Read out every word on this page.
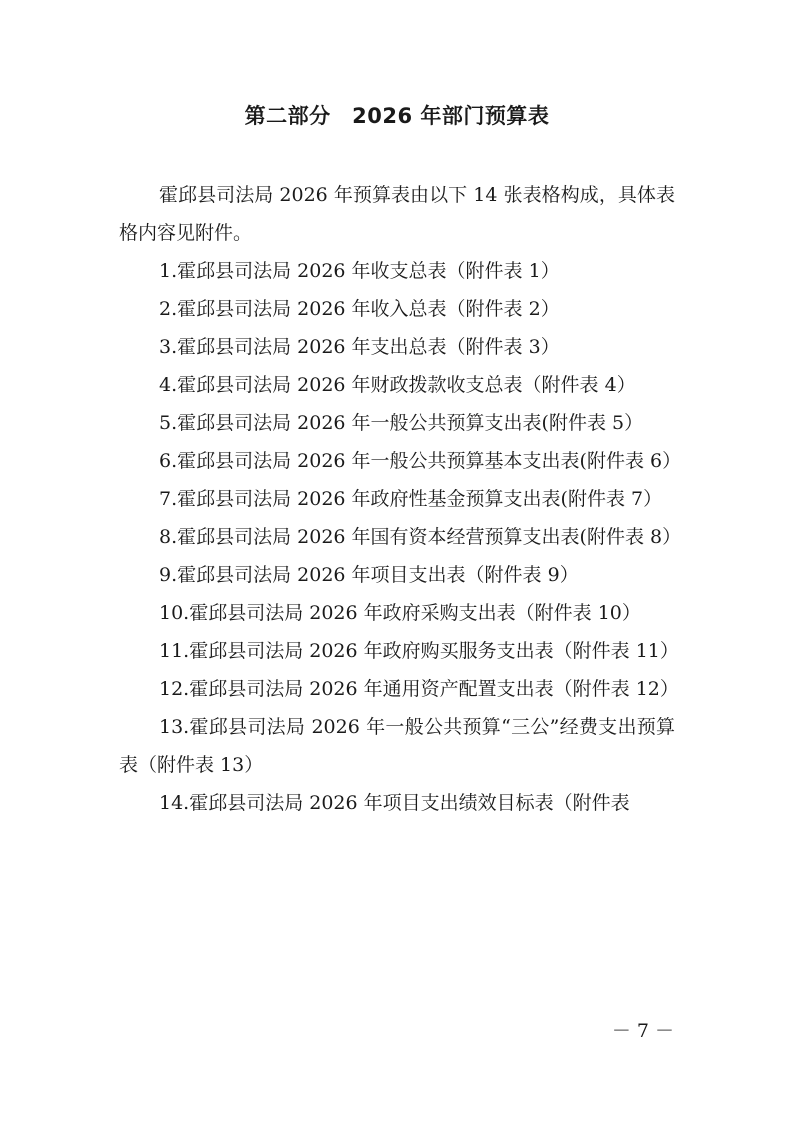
第二部分　2026 年部门预算表

霍邱县司法局 2026 年预算表由以下 14 张表格构成，具体表格内容见附件。

1.霍邱县司法局 2026 年收支总表（附件表 1）

2.霍邱县司法局 2026 年收入总表（附件表 2）

3.霍邱县司法局 2026 年支出总表（附件表 3）

4.霍邱县司法局 2026 年财政拨款收支总表（附件表 4）

5.霍邱县司法局 2026 年一般公共预算支出表(附件表 5）

6.霍邱县司法局 2026 年一般公共预算基本支出表(附件表 6）

7.霍邱县司法局 2026 年政府性基金预算支出表(附件表 7）

8.霍邱县司法局 2026 年国有资本经营预算支出表(附件表 8）

9.霍邱县司法局 2026 年项目支出表（附件表 9）

10.霍邱县司法局 2026 年政府采购支出表（附件表 10）

11.霍邱县司法局 2026 年政府购买服务支出表（附件表 11）

12.霍邱县司法局 2026 年通用资产配置支出表（附件表 12）

13.霍邱县司法局 2026 年一般公共预算“三公”经费支出预算表（附件表 13）

14.霍邱县司法局 2026 年项目支出绩效目标表（附件表

－ 7 －
